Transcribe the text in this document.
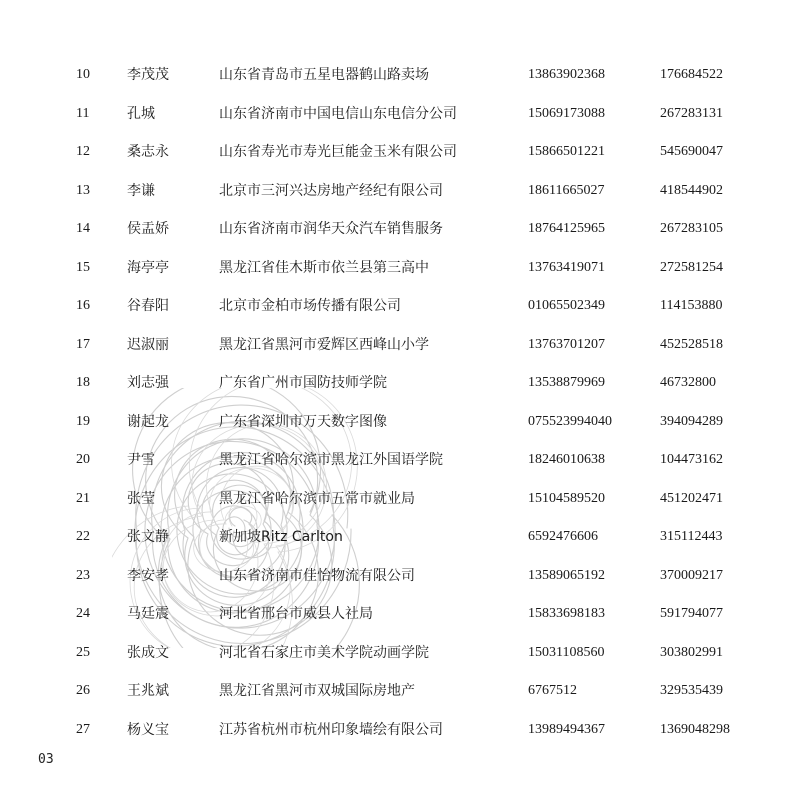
10	李茂茂	山东省青岛市五星电器鹤山路卖场	13863902368	176684522
11	孔城	山东省济南市中国电信山东电信分公司	15069173088	267283131
12	桑志永	山东省寿光市寿光巨能金玉米有限公司	15866501221	545690047
13	李谦	北京市三河兴达房地产经纪有限公司	18611665027	418544902
14	侯盂娇	山东省济南市润华天众汽车销售服务	18764125965	267283105
15	海亭亭	黑龙江省佳木斯市依兰县第三高中	13763419071	272581254
16	谷春阳	北京市金柏市场传播有限公司	01065502349	114153880
17	迟淑丽	黑龙江省黑河市爱辉区西峰山小学	13763701207	452528518
18	刘志强	广东省广州市国防技师学院	13538879969	46732800
19	谢起龙	广东省深圳市万天数字图像	075523994040	394094289
20	尹雪	黑龙江省哈尔滨市黑龙江外国语学院	18246010638	104473162
21	张莹	黑龙江省哈尔滨市五常市就业局	15104589520	451202471
22	张文静	新加坡Ritz Carlton	6592476606	315112443
23	李安孝	山东省济南市佳怡物流有限公司	13589065192	370009217
24	马廷震	河北省邢台市威县人社局	15833698183	591794077
25	张成文	河北省石家庄市美术学院动画学院	15031108560	303802991
26	王兆斌	黑龙江省黑河市双城国际房地产	6767512	329535439
27	杨义宝	江苏省杭州市杭州印象墙绘有限公司	13989494367	1369048298
03
